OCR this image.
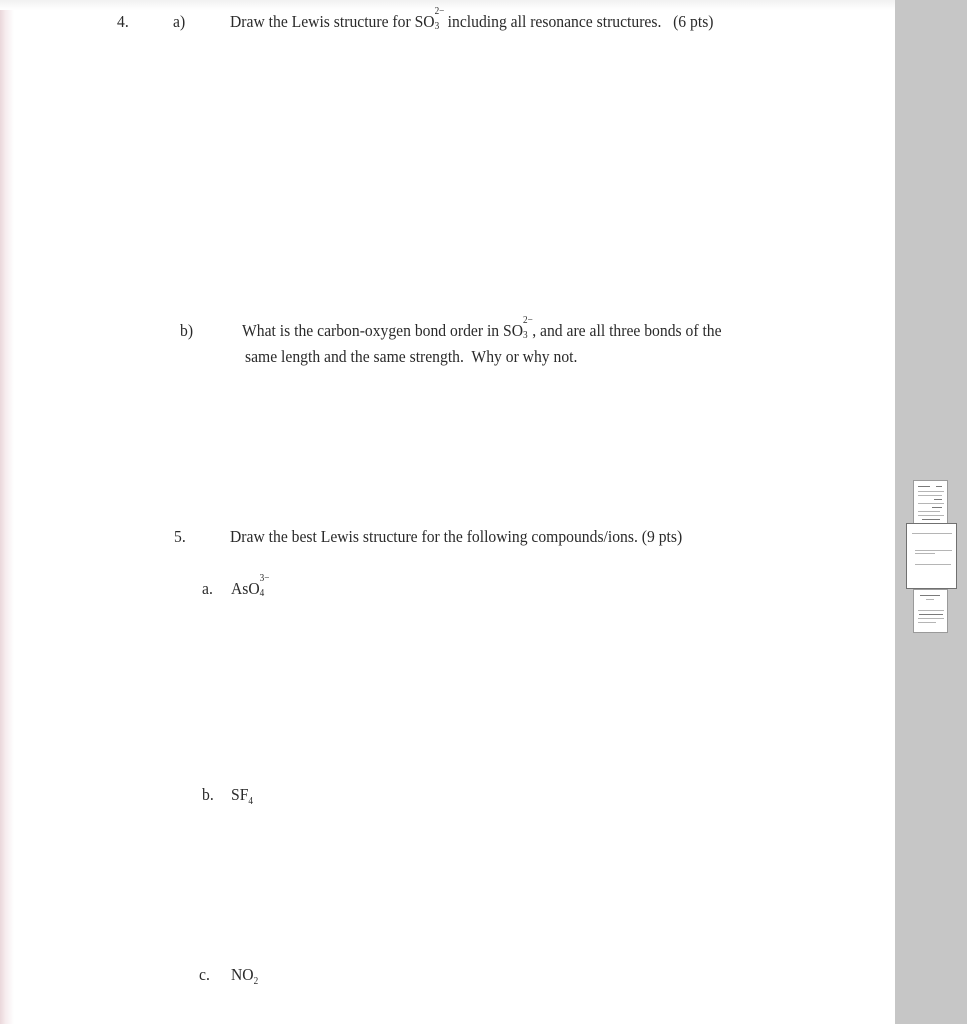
4.	a)	Draw the Lewis structure for SO
2−
3 including all resonance structures.   (6 pts)
b)	What is the carbon-oxygen bond order in SO
2−
3 , and are all three bonds of the
same length and the same strength.  Why or why not.
5.	Draw the best Lewis structure for the following compounds/ions. (9 pts)
a. AsO
3−
4
b. $SF_4$
c. $NO_2$
